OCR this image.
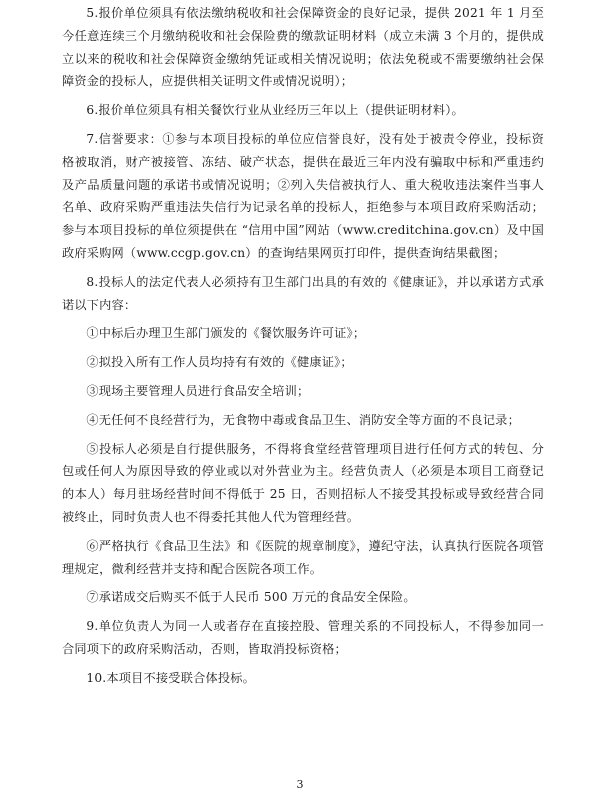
5.报价单位须具有依法缴纳税收和社会保障资金的良好记录，提供 2021 年 1 月至今任意连续三个月缴纳税收和社会保险费的缴款证明材料（成立未满 3 个月的，提供成立以来的税收和社会保障资金缴纳凭证或相关情况说明；依法免税或不需要缴纳社会保障资金的投标人，应提供相关证明文件或情况说明）；

6.报价单位须具有相关餐饮行业从业经历三年以上（提供证明材料）。

7.信誉要求：①参与本项目投标的单位应信誉良好，没有处于被责令停业，投标资格被取消，财产被接管、冻结、破产状态，提供在最近三年内没有骗取中标和严重违约及产品质量问题的承诺书或情况说明；②列入失信被执行人、重大税收违法案件当事人名单、政府采购严重违法失信行为记录名单的投标人，拒绝参与本项目政府采购活动；参与本项目投标的单位须提供在 “信用中国”网站（www.creditchina.gov.cn）及中国政府采购网（www.ccgp.gov.cn）的查询结果网页打印件，提供查询结果截图；

8.投标人的法定代表人必须持有卫生部门出具的有效的《健康证》，并以承诺方式承诺以下内容：

①中标后办理卫生部门颁发的《餐饮服务许可证》；

②拟投入所有工作人员均持有有效的《健康证》；

③现场主要管理人员进行食品安全培训；

④无任何不良经营行为，无食物中毒或食品卫生、消防安全等方面的不良记录；

⑤投标人必须是自行提供服务，不得将食堂经营管理项目进行任何方式的转包、分包或任何人为原因导致的停业或以对外营业为主。经营负责人（必须是本项目工商登记的本人）每月驻场经营时间不得低于 25 日，否则招标人不接受其投标或导致经营合同被终止，同时负责人也不得委托其他人代为管理经营。

⑥严格执行《食品卫生法》和《医院的规章制度》，遵纪守法，认真执行医院各项管理规定，微利经营并支持和配合医院各项工作。

⑦承诺成交后购买不低于人民币 500 万元的食品安全保险。

9.单位负责人为同一人或者存在直接控股、管理关系的不同投标人，不得参加同一合同项下的政府采购活动，否则，皆取消投标资格；

10.本项目不接受联合体投标。

3
